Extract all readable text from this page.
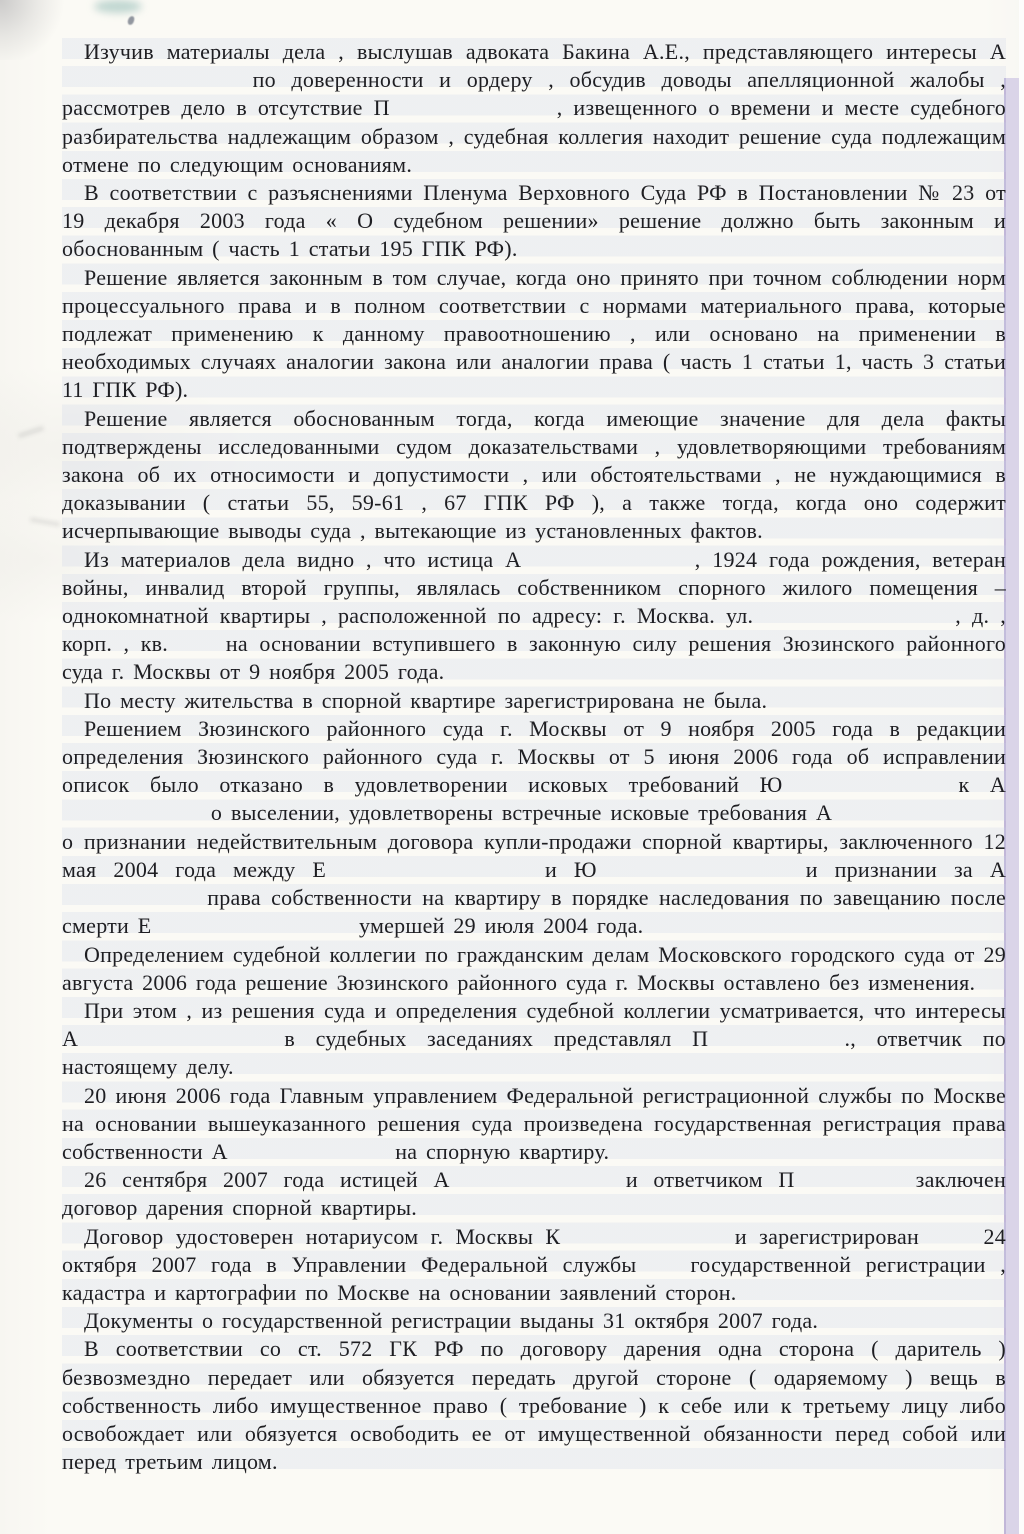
Изучив материалы дела , выслушав адвоката Бакина А.Е., представляющего интересы А  по доверенности и ордеру , обсудив доводы апелляционной жалобы , рассмотрев дело в отсутствие П	, извещенного о времени и месте судебного разбирательства надлежащим образом , судебная коллегия находит решение суда подлежащим отмене по следующим основаниям.

В соответствии с разъяснениями Пленума Верховного Суда РФ в Постановлении № 23 от 19 декабря 2003 года « О судебном решении» решение должно быть законным и обоснованным ( часть 1 статьи 195 ГПК РФ).

Решение является законным в том случае, когда оно принято при точном соблюдении норм процессуального права и в полном соответствии с нормами материального права, которые подлежат применению к данному правоотношению , или основано на применении в необходимых случаях аналогии закона или аналогии права ( часть 1 статьи 1, часть 3 статьи 11 ГПК РФ).

Решение является обоснованным тогда, когда имеющие значение для дела факты подтверждены исследованными судом доказательствами , удовлетворяющими требованиям закона об их относимости и допустимости , или обстоятельствами , не нуждающимися в доказывании ( статьи 55, 59-61 , 67 ГПК РФ ), а также тогда, когда оно содержит исчерпывающие выводы суда , вытекающие из установленных фактов.

Из материалов дела видно , что истица А	, 1924 года рождения, ветеран войны, инвалид второй группы, являлась собственником спорного жилого помещения – однокомнатной квартиры , расположенной по адресу: г. Москва. ул.	, д. , корп. , кв.  на основании вступившего в законную силу решения Зюзинского районного суда г. Москвы от 9 ноября 2005 года.

По месту жительства в спорной квартире зарегистрирована не была.

Решением Зюзинского районного суда г. Москвы от 9 ноября 2005 года в редакции определения Зюзинского районного суда г. Москвы от 5 июня 2006 года об исправлении описок было отказано в удовлетворении исковых требований Ю	к А  о выселении, удовлетворены встречные исковые требования А  о признании недействительным договора купли-продажи спорной квартиры, заключенного 12 мая 2004 года между Е	и Ю	и признании за А  права собственности на квартиру в порядке наследования по завещанию после смерти Е	умершей 29 июля 2004 года.

Определением судебной коллегии по гражданским делам Московского городского суда от 29 августа 2006 года решение Зюзинского районного суда г. Москвы оставлено без изменения.

При этом , из решения суда и определения судебной коллегии усматривается, что интересы А	в судебных заседаниях представлял П	., ответчик по настоящему делу.

20 июня 2006 года Главным управлением Федеральной регистрационной службы по Москве на основании вышеуказанного решения суда произведена государственная регистрация права собственности А	на спорную квартиру.

26 сентября 2007 года истицей А	и ответчиком П	заключен договор дарения спорной квартиры.

Договор удостоверен нотариусом г. Москвы К	и зарегистрирован  24 октября 2007 года в Управлении Федеральной службы  государственной регистрации , кадастра и картографии по Москве на основании заявлений сторон.

Документы о государственной регистрации выданы 31 октября 2007 года.

В соответствии со ст. 572 ГК РФ по договору дарения одна сторона ( даритель ) безвозмездно передает или обязуется передать другой стороне ( одаряемому ) вещь в собственность либо имущественное право ( требование ) к себе или к третьему лицу либо освобождает или обязуется освободить ее от имущественной обязанности перед собой или перед третьим лицом.
